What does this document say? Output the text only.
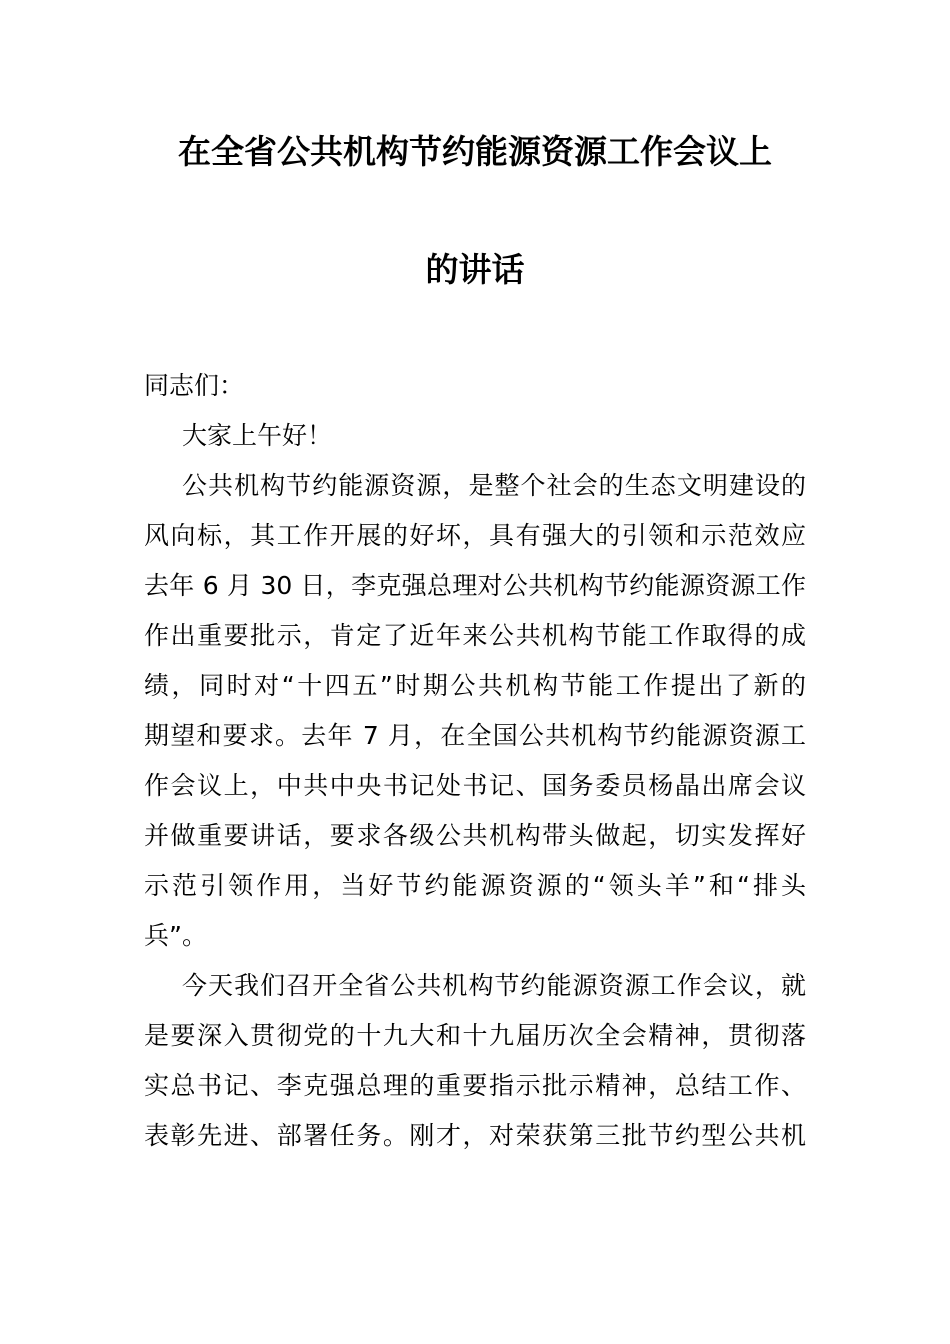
在全省公共机构节约能源资源工作会议上
的讲话
同志们：
大家上午好！
公共机构节约能源资源，是整个社会的生态文明建设的
风向标，其工作开展的好坏，具有强大的引领和示范效应
去年 6 月 30 日，李克强总理对公共机构节约能源资源工作
作出重要批示，肯定了近年来公共机构节能工作取得的成
绩，同时对“十四五”时期公共机构节能工作提出了新的
期望和要求。去年 7 月，在全国公共机构节约能源资源工
作会议上，中共中央书记处书记、国务委员杨晶出席会议
并做重要讲话，要求各级公共机构带头做起，切实发挥好
示范引领作用，当好节约能源资源的“领头羊”和“排头
兵”。
今天我们召开全省公共机构节约能源资源工作会议，就
是要深入贯彻党的十九大和十九届历次全会精神，贯彻落
实总书记、李克强总理的重要指示批示精神，总结工作、
表彰先进、部署任务。刚才，对荣获第三批节约型公共机
